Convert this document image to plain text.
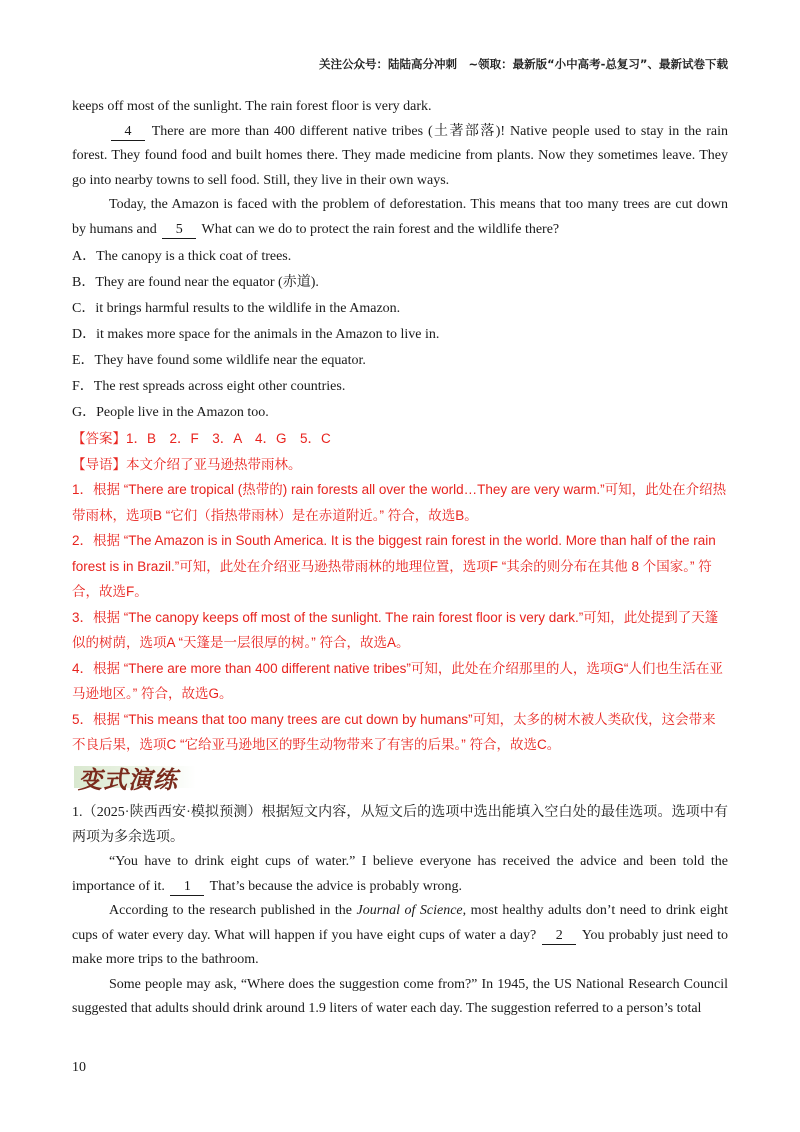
关注公众号：陆陆高分冲刺　~领取：最新版“小中高考-总复习”、最新试卷下载

keeps off most of the sunlight. The rain forest floor is very dark.

4 There are more than 400 different native tribes (土著部落)! Native people used to stay in the rain forest. They found food and built homes there. They made medicine from plants. Now they sometimes leave. They go into nearby towns to sell food. Still, they live in their own ways.

Today, the Amazon is faced with the problem of deforestation. This means that too many trees are cut down by humans and 5 What can we do to protect the rain forest and the wildlife there?

A．The canopy is a thick coat of trees.

B．They are found near the equator (赤道).

C．it brings harmful results to the wildlife in the Amazon.

D．it makes more space for the animals in the Amazon to live in.

E．They have found some wildlife near the equator.

F．The rest spreads across eight other countries.

G．People live in the Amazon too.

【答案】1．B　2．F　3．A　4．G　5．C

【导语】本文介绍了亚马逊热带雨林。

1．根据 “There are tropical (热带的) rain forests all over the world…They are very warm.”可知，此处在介绍热带雨林，选项B “它们（指热带雨林）是在赤道附近。” 符合，故选B。

2．根据 “The Amazon is in South America. It is the biggest rain forest in the world. More than half of the rain forest is in Brazil.”可知，此处在介绍亚马逊热带雨林的地理位置，选项F “其余的则分布在其他 8 个国家。” 符合，故选F。

3．根据 “The canopy keeps off most of the sunlight. The rain forest floor is very dark.”可知，此处提到了天篷似的树荫，选项A “天篷是一层很厚的树。” 符合，故选A。

4．根据 “There are more than 400 different native tribes”可知，此处在介绍那里的人，选项G“人们也生活在亚马逊地区。” 符合，故选G。

5．根据 “This means that too many trees are cut down by humans”可知，太多的树木被人类砍伐，这会带来不良后果，选项C “它给亚马逊地区的野生动物带来了有害的后果。” 符合，故选C。

变式演练

1.（2025·陕西西安·模拟预测）根据短文内容，从短文后的选项中选出能填入空白处的最佳选项。选项中有两项为多余选项。

“You have to drink eight cups of water.” I believe everyone has received the advice and been told the importance of it. 1 That’s because the advice is probably wrong.

According to the research published in the Journal of Science, most healthy adults don’t need to drink eight cups of water every day. What will happen if you have eight cups of water a day? 2 You probably just need to make more trips to the bathroom.

Some people may ask, “Where does the suggestion come from?” In 1945, the US National Research Council suggested that adults should drink around 1.9 liters of water each day. The suggestion referred to a person’s total

10
